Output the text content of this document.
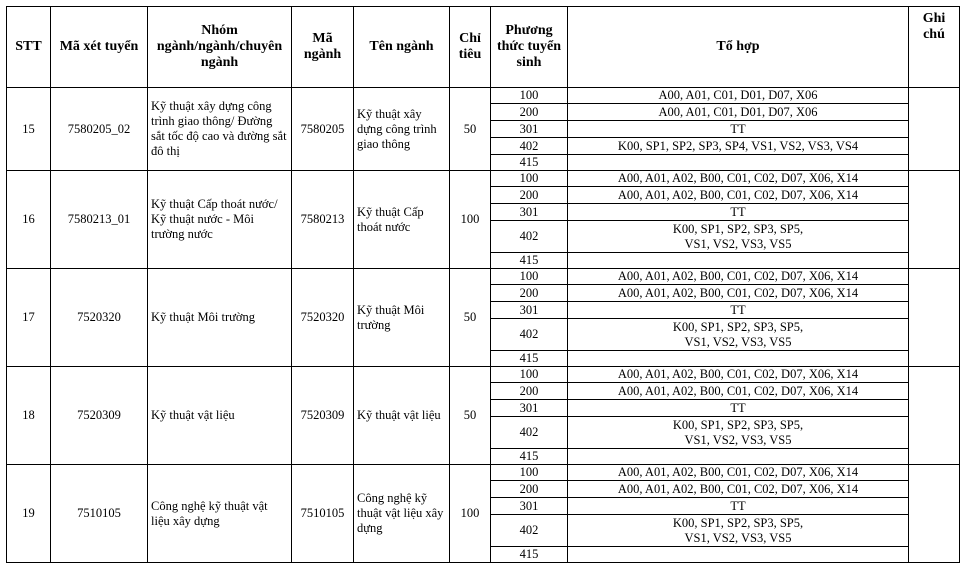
STT	Mã xét tuyển	Nhóm ngành/ngành/chuyên ngành	Mã ngành	Tên ngành	Chỉ tiêu	Phương thức tuyển sinh	Tổ hợp	Ghi chú
15	7580205_02	Kỹ thuật xây dựng công trình giao thông/ Đường sắt tốc độ cao và đường sắt đô thị	7580205	Kỹ thuật xây dựng công trình giao thông	50	100	A00, A01, C01, D01, D07, X06	
						200	A00, A01, C01, D01, D07, X06	
						301	TT	
						402	K00, SP1, SP2, SP3, SP4, VS1, VS2, VS3, VS4	
						415		
16	7580213_01	Kỹ thuật Cấp thoát nước/ Kỹ thuật nước - Môi trường nước	7580213	Kỹ thuật Cấp thoát nước	100	100	A00, A01, A02, B00, C01, C02, D07, X06, X14	
						200	A00, A01, A02, B00, C01, C02, D07, X06, X14	
						301	TT	
						402	K00, SP1, SP2, SP3, SP5,
VS1, VS2, VS3, VS5	

						415		
17	7520320	Kỹ thuật Môi trường	7520320	Kỹ thuật Môi trường	50	100	A00, A01, A02, B00, C01, C02, D07, X06, X14	
						200	A00, A01, A02, B00, C01, C02, D07, X06, X14	
						301	TT	
						402	K00, SP1, SP2, SP3, SP5,
VS1, VS2, VS3, VS5	

						415		
18	7520309	Kỹ thuật vật liệu	7520309	Kỹ thuật vật liệu	50	100	A00, A01, A02, B00, C01, C02, D07, X06, X14	
						200	A00, A01, A02, B00, C01, C02, D07, X06, X14	
						301	TT	
						402	K00, SP1, SP2, SP3, SP5,
VS1, VS2, VS3, VS5	

						415		
19	7510105	Công nghệ kỹ thuật vật liệu xây dựng	7510105	Công nghệ kỹ thuật vật liệu xây dựng	100	100	A00, A01, A02, B00, C01, C02, D07, X06, X14	
						200	A00, A01, A02, B00, C01, C02, D07, X06, X14	
						301	TT	
						402	K00, SP1, SP2, SP3, SP5,
VS1, VS2, VS3, VS5	

						415		
